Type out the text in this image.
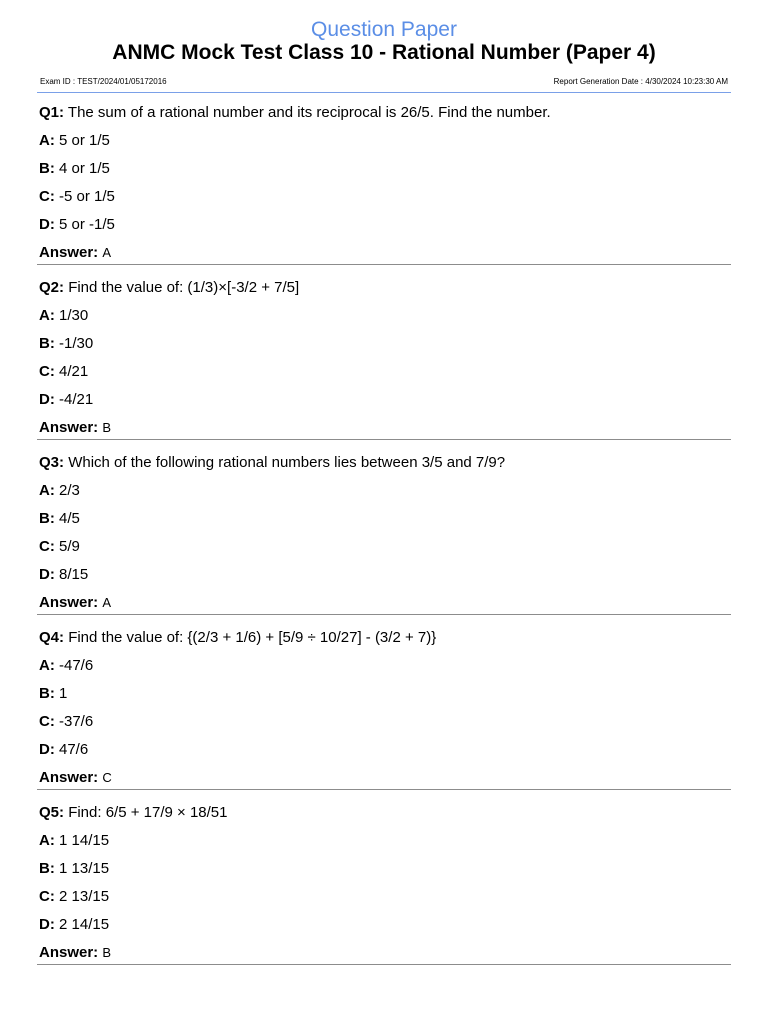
Question Paper
ANMC Mock Test Class 10 - Rational Number (Paper 4)
Exam ID : TEST/2024/01/05172016	Report Generation Date : 4/30/2024 10:23:30 AM
Q1: The sum of a rational number and its reciprocal is 26/5. Find the number.
A: 5 or 1/5
B: 4 or 1/5
C: -5 or 1/5
D: 5 or -1/5
Answer: A
Q2: Find the value of: (1/3)×[-3/2 + 7/5]
A: 1/30
B: -1/30
C: 4/21
D: -4/21
Answer: B
Q3: Which of the following rational numbers lies between 3/5 and 7/9?
A: 2/3
B: 4/5
C: 5/9
D: 8/15
Answer: A
Q4: Find the value of: {(2/3 + 1/6) + [5/9 ÷ 10/27] - (3/2 + 7)}
A: -47/6
B: 1
C: -37/6
D: 47/6
Answer: C
Q5: Find: 6/5 + 17/9 × 18/51
A: 1 14/15
B: 1 13/15
C: 2 13/15
D: 2 14/15
Answer: B
